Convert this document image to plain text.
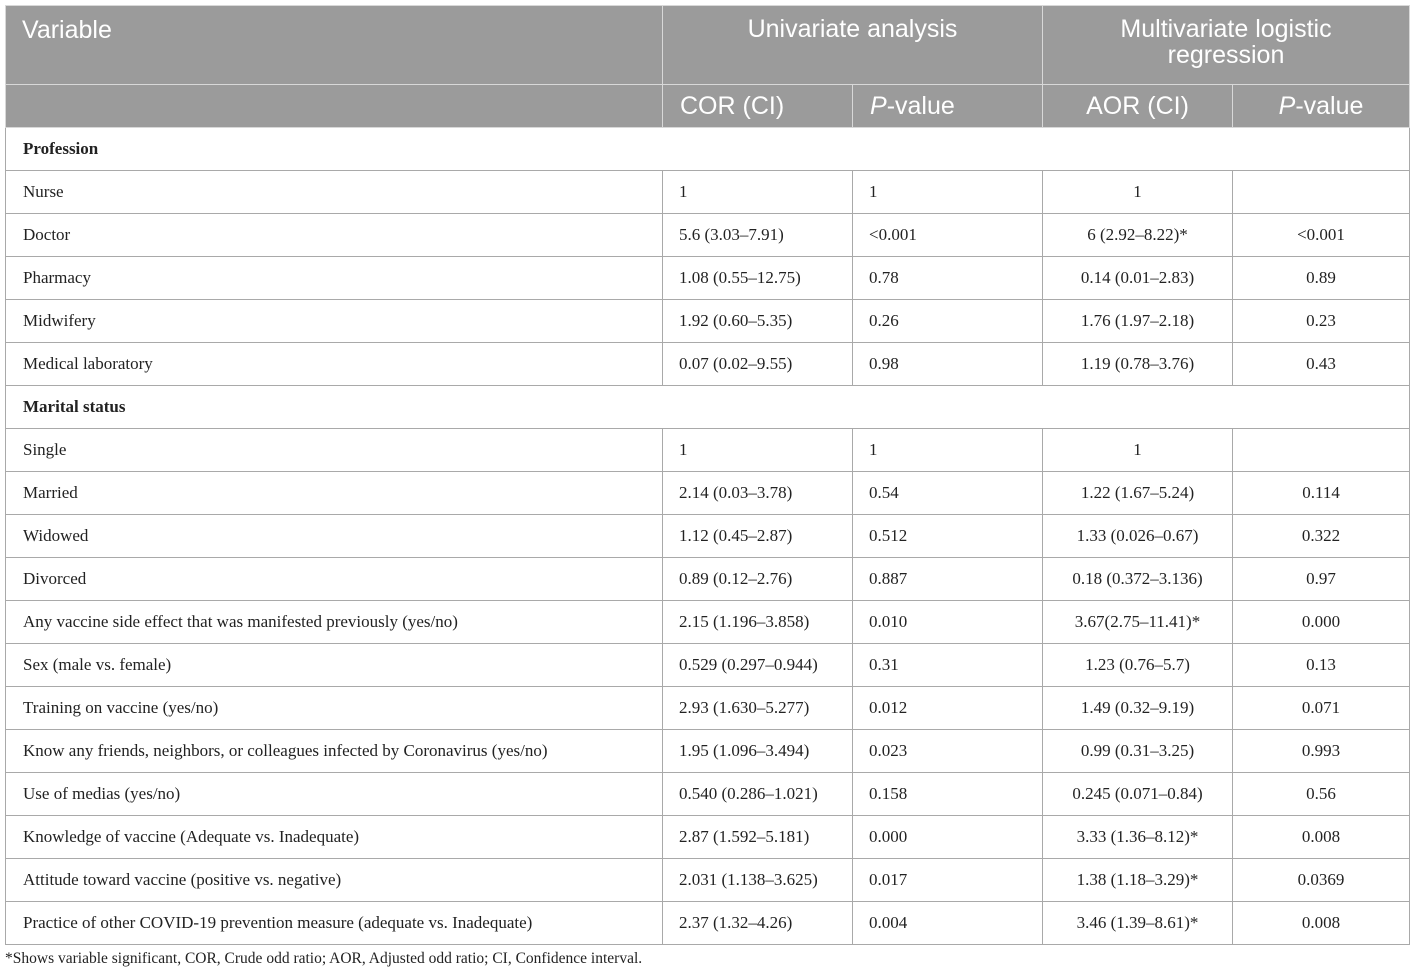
Variable	Univariate analysis		Multivariate logistic
regression	
	COR (CI)	P-value	AOR (CI)	P-value
Profession				
Nurse	1	1	1	
Doctor	5.6 (3.03–7.91)	<0.001	6 (2.92–8.22)*	<0.001
Pharmacy	1.08 (0.55–12.75)	0.78	0.14 (0.01–2.83)	0.89
Midwifery	1.92 (0.60–5.35)	0.26	1.76 (1.97–2.18)	0.23
Medical laboratory	0.07 (0.02–9.55)	0.98	1.19 (0.78–3.76)	0.43
Marital status				
Single	1	1	1	
Married	2.14 (0.03–3.78)	0.54	1.22 (1.67–5.24)	0.114
Widowed	1.12 (0.45–2.87)	0.512	1.33 (0.026–0.67)	0.322
Divorced	0.89 (0.12–2.76)	0.887	0.18 (0.372–3.136)	0.97
Any vaccine side effect that was manifested previously (yes/no)	2.15 (1.196–3.858)	0.010	3.67(2.75–11.41)*	0.000
Sex (male vs. female)	0.529 (0.297–0.944)	0.31	1.23 (0.76–5.7)	0.13
Training on vaccine (yes/no)	2.93 (1.630–5.277)	0.012	1.49 (0.32–9.19)	0.071
Know any friends, neighbors, or colleagues infected by Coronavirus (yes/no)	1.95 (1.096–3.494)	0.023	0.99 (0.31–3.25)	0.993
Use of medias (yes/no)	0.540 (0.286–1.021)	0.158	0.245 (0.071–0.84)	0.56
Knowledge of vaccine (Adequate vs. Inadequate)	2.87 (1.592–5.181)	0.000	3.33 (1.36–8.12)*	0.008
Attitude toward vaccine (positive vs. negative)	2.031 (1.138–3.625)	0.017	1.38 (1.18–3.29)*	0.0369
Practice of other COVID-19 prevention measure (adequate vs. Inadequate)	2.37 (1.32–4.26)	0.004	3.46 (1.39–8.61)*	0.008
*Shows variable significant, COR, Crude odd ratio; AOR, Adjusted odd ratio; CI, Confidence interval.
